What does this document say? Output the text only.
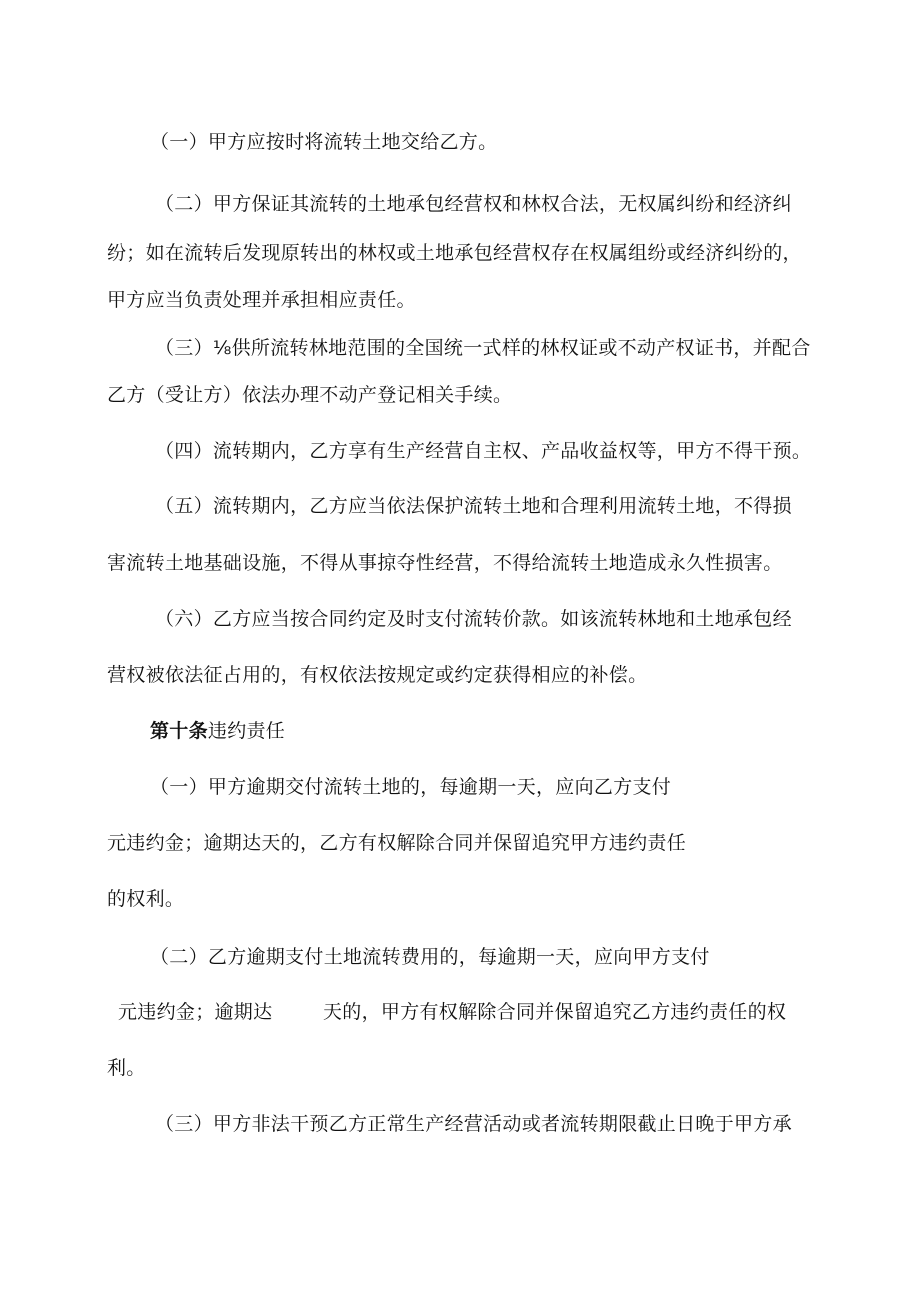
（一）甲方应按时将流转土地交给乙方。
（二）甲方保证其流转的土地承包经营权和林权合法，无权属纠纷和经济纠
纷；如在流转后发现原转出的林权或土地承包经营权存在权属组纷或经济纠纷的，
甲方应当负责处理并承担相应责任。
（三）⅛供所流转林地范围的全国统一式样的林权证或不动产权证书，并配合
乙方（受让方）依法办理不动产登记相关手续。
（四）流转期内，乙方享有生产经营自主权、产品收益权等，甲方不得干预。
（五）流转期内，乙方应当依法保护流转土地和合理利用流转土地，不得损
害流转土地基础设施，不得从事掠夺性经营，不得给流转土地造成永久性损害。
（六）乙方应当按合同约定及时支付流转价款。如该流转林地和土地承包经
营权被依法征占用的，有权依法按规定或约定获得相应的补偿。
第十条违约责任
（一）甲方逾期交付流转土地的，每逾期一天，应向乙方支付
元违约金；逾期达天的，乙方有权解除合同并保留追究甲方违约责任
的权利。
（二）乙方逾期支付土地流转费用的，每逾期一天，应向甲方支付
元违约金；逾期达	天的，甲方有权解除合同并保留追究乙方违约责任的权
利。
（三）甲方非法干预乙方正常生产经营活动或者流转期限截止日晚于甲方承
